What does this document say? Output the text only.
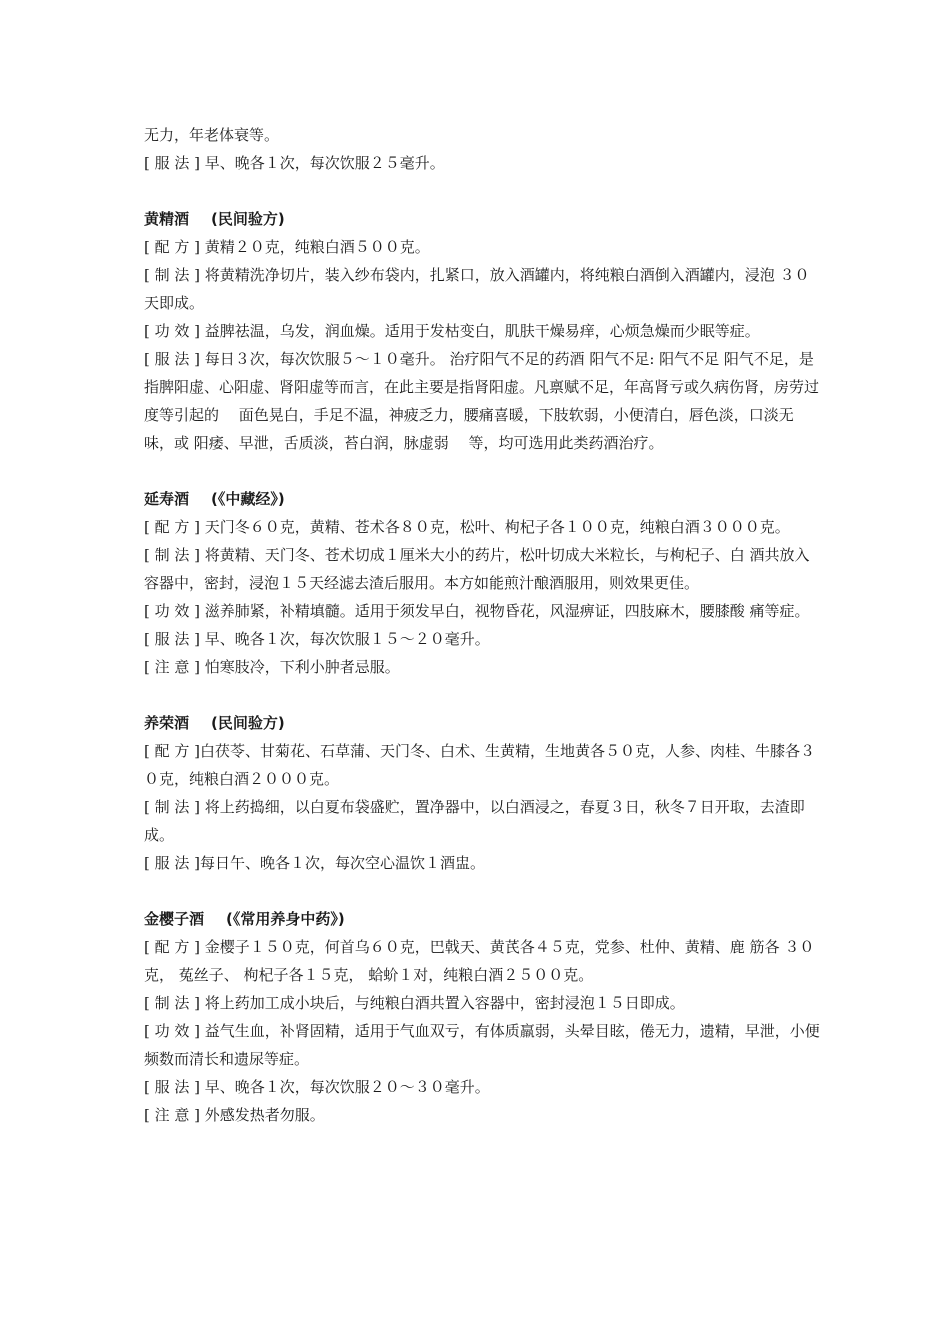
无力，年老体衰等。

[ 服 法 ] 早、晚各１次，每次饮服２５毫升。

黄精酒 (民间验方)

[ 配 方 ] 黄精２０克，纯粮白酒５００克。

[ 制 法 ] 将黄精洗净切片，装入纱布袋内，扎紧口，放入酒罐内，将纯粮白酒倒入酒罐内，浸泡 ３０天即成。

[ 功 效 ] 益脾祛温，乌发，润血燥。适用于发枯变白，肌肤干燥易痒，心烦急燥而少眠等症。

[ 服 法 ] 每日３次，每次饮服５～１０毫升。 治疗阳气不足的药酒 阳气不足: 阳气不足 阳气不足，是指脾阳虚、心阳虚、肾阳虚等而言，在此主要是指肾阳虚。凡禀赋不足，年高肾亏或久病伤肾，房劳过度等引起的　 面色晃白，手足不温，神疲乏力，腰痛喜暖，下肢软弱，小便清白，唇色淡，口淡无味，或 阳痿、早泄，舌质淡，苔白润，脉虚弱　 等，均可选用此类药酒治疗。

延寿酒 (《中藏经》)

[ 配 方 ] 天门冬６０克，黄精、苍术各８０克，松叶、枸杞子各１００克，纯粮白酒３０００克。

[ 制 法 ] 将黄精、天门冬、苍术切成１厘米大小的药片，松叶切成大米粒长，与枸杞子、白 酒共放入容器中，密封，浸泡１５天经滤去渣后服用。本方如能煎汁酿酒服用，则效果更佳。

[ 功 效 ] 滋养肺紧，补精填髓。适用于须发早白，视物昏花，风湿痹证，四肢麻木，腰膝酸 痛等症。

[ 服 法 ] 早、晚各１次，每次饮服１５～２０毫升。

[ 注 意 ] 怕寒肢冷，下利小肿者忌服。

养荣酒 (民间验方)

[ 配 方 ]白茯苓、甘菊花、石草蒲、天门冬、白术、生黄精，生地黄各５０克，人参、肉桂、牛膝各３０克，纯粮白酒２０００克。

[ 制 法 ] 将上药捣细，以白夏布袋盛贮，置净器中，以白酒浸之，春夏３日，秋冬７日开取，去渣即成。

[ 服 法 ]每日午、晚各１次，每次空心温饮１酒盅。

金樱子酒 (《常用养身中药》)

[ 配 方 ] 金樱子１５０克，何首乌６０克，巴戟天、黄芪各４５克，党参、杜仲、黄精、鹿 筋各 ３０克， 菟丝子、 枸杞子各１５克， 蛤蚧１对，纯粮白酒２５００克。

[ 制 法 ] 将上药加工成小块后，与纯粮白酒共置入容器中，密封浸泡１５日即成。

[ 功 效 ] 益气生血，补肾固精，适用于气血双亏，有体质羸弱，头晕目眩，倦无力，遗精，早泄，小便频数而清长和遗尿等症。

[ 服 法 ] 早、晚各１次，每次饮服２０～３０毫升。

[ 注 意 ] 外感发热者勿服。
